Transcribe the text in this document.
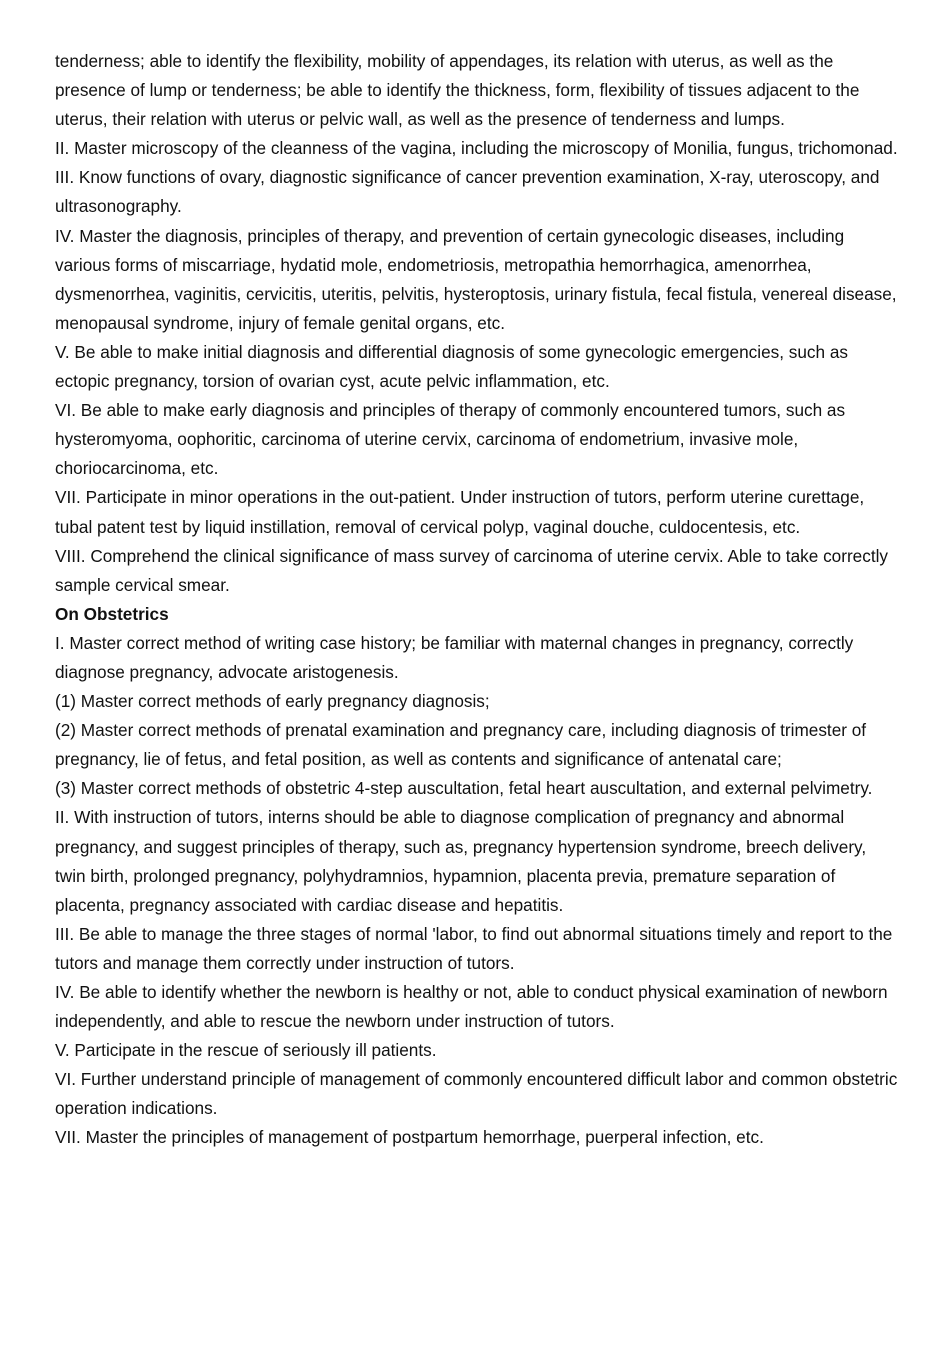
tenderness; able to identify the flexibility, mobility of appendages, its relation with uterus, as well as the presence of lump or tenderness; be able to identify the thickness, form, flexibility of tissues adjacent to the uterus, their relation with uterus or pelvic wall, as well as the presence of tenderness and lumps.

II. Master microscopy of the cleanness of the vagina, including the microscopy of Monilia, fungus, trichomonad.

III. Know functions of ovary, diagnostic significance of cancer prevention examination, X-ray, uteroscopy, and ultrasonography.

IV. Master the diagnosis, principles of therapy, and prevention of certain gynecologic diseases, including various forms of miscarriage, hydatid mole, endometriosis, metropathia hemorrhagica, amenorrhea, dysmenorrhea, vaginitis, cervicitis, uteritis, pelvitis, hysteroptosis, urinary fistula, fecal fistula, venereal disease, menopausal syndrome, injury of female genital organs, etc.

V. Be able to make initial diagnosis and differential diagnosis of some gynecologic emergencies, such as ectopic pregnancy, torsion of ovarian cyst, acute pelvic inflammation, etc.

VI. Be able to make early diagnosis and principles of therapy of commonly encountered tumors, such as hysteromyoma, oophoritic, carcinoma of uterine cervix, carcinoma of endometrium, invasive mole, choriocarcinoma, etc.

VII. Participate in minor operations in the out-patient. Under instruction of tutors, perform uterine curettage, tubal patent test by liquid instillation, removal of cervical polyp, vaginal douche, culdocentesis, etc.

VIII. Comprehend the clinical significance of mass survey of carcinoma of uterine cervix. Able to take correctly sample cervical smear.

On Obstetrics

I. Master correct method of writing case history; be familiar with maternal changes in pregnancy, correctly diagnose pregnancy, advocate aristogenesis.

(1) Master correct methods of early pregnancy diagnosis;

(2) Master correct methods of prenatal examination and pregnancy care, including diagnosis of trimester of pregnancy, lie of fetus, and fetal position, as well as contents and significance of antenatal care;

(3) Master correct methods of obstetric 4-step auscultation, fetal heart auscultation, and external pelvimetry.

II. With instruction of tutors, interns should be able to diagnose complication of pregnancy and abnormal pregnancy, and suggest principles of therapy, such as, pregnancy hypertension syndrome, breech delivery, twin birth, prolonged pregnancy, polyhydramnios, hypamnion, placenta previa, premature separation of placenta, pregnancy associated with cardiac disease and hepatitis.

III. Be able to manage the three stages of normal 'labor, to find out abnormal situations timely and report to the tutors and manage them correctly under instruction of tutors.

IV. Be able to identify whether the newborn is healthy or not, able to conduct physical examination of newborn independently, and able to rescue the newborn under instruction of tutors.

V. Participate in the rescue of seriously ill patients.

VI. Further understand principle of management of commonly encountered difficult labor and common obstetric operation indications.

VII. Master the principles of management of postpartum hemorrhage, puerperal infection, etc.
